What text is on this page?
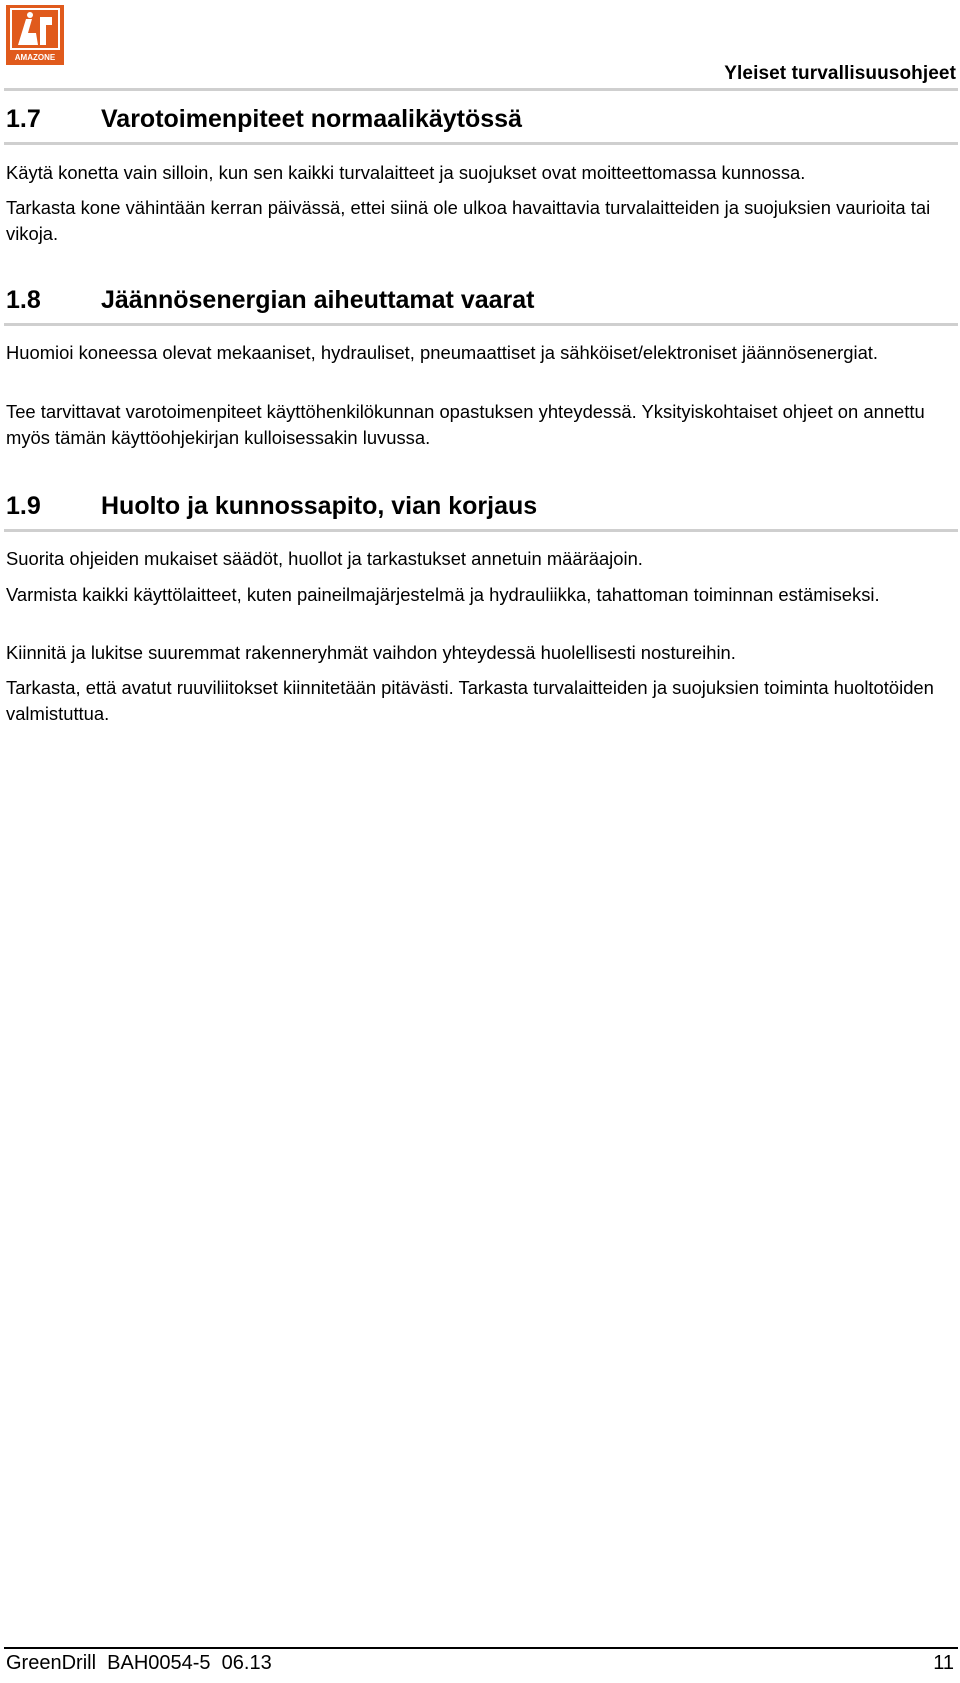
AMAZONE
Yleiset turvallisuusohjeet
1.7 Varotoimenpiteet normaalikäytössä
Käytä konetta vain silloin, kun sen kaikki turvalaitteet ja suojukset ovat moitteettomassa kunnossa.
Tarkasta kone vähintään kerran päivässä, ettei siinä ole ulkoa havaittavia turvalaitteiden ja suojuksien vaurioita tai vikoja.
1.8 Jäännösenergian aiheuttamat vaarat
Huomioi koneessa olevat mekaaniset, hydrauliset, pneumaattiset ja sähköiset/elektroniset jäännösenergiat.
Tee tarvittavat varotoimenpiteet käyttöhenkilökunnan opastuksen yhteydessä. Yksityiskohtaiset ohjeet on annettu myös tämän käyttöohjekirjan kulloisessakin luvussa.
1.9 Huolto ja kunnossapito, vian korjaus
Suorita ohjeiden mukaiset säädöt, huollot ja tarkastukset annetuin määräajoin.
Varmista kaikki käyttölaitteet, kuten paineilmajärjestelmä ja hydrauliikka, tahattoman toiminnan estämiseksi.
Kiinnitä ja lukitse suuremmat rakenneryhmät vaihdon yhteydessä huolellisesti nostureihin.
Tarkasta, että avatut ruuviliitokset kiinnitetään pitävästi. Tarkasta turvalaitteiden ja suojuksien toiminta huoltotöiden valmistuttua.
GreenDrill  BAH0054-5  06.13	11
